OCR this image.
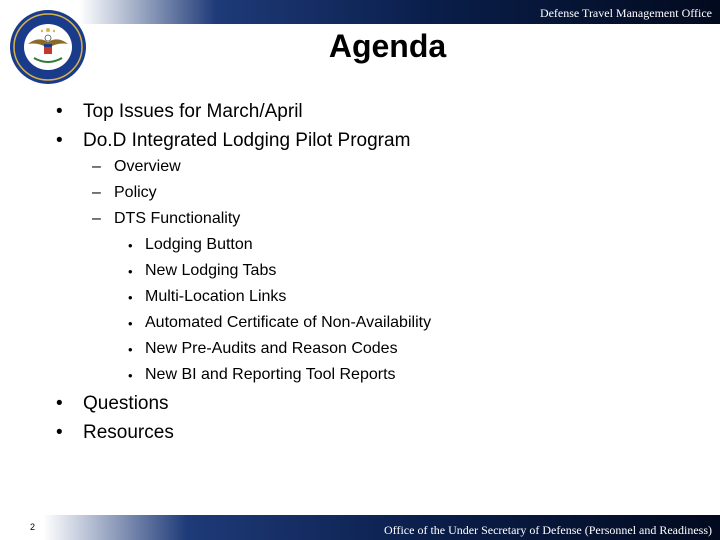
Defense Travel Management Office
Agenda
• Top Issues for March/April
• Do.D Integrated Lodging Pilot Program
– Overview
– Policy
– DTS Functionality
• Lodging Button
• New Lodging Tabs
• Multi-Location Links
• Automated Certificate of Non-Availability
• New Pre-Audits and Reason Codes
• New BI and Reporting Tool Reports
• Questions
• Resources
2	Office of the Under Secretary of Defense (Personnel and Readiness)
